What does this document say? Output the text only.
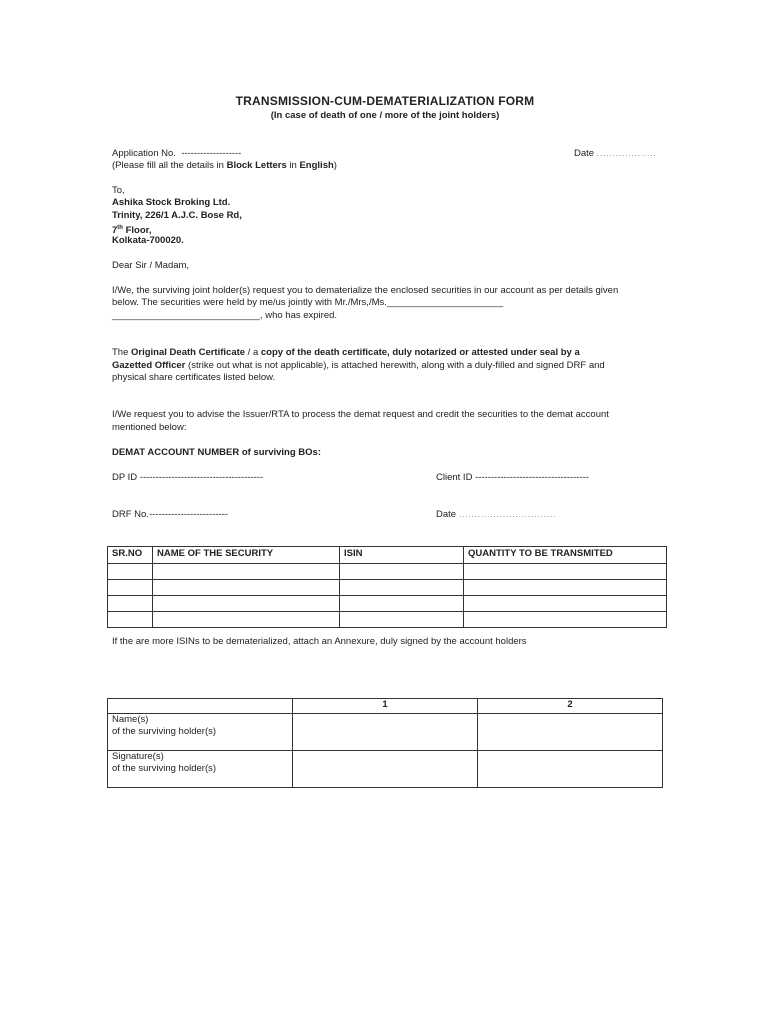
TRANSMISSION-CUM-DEMATERIALIZATION FORM
(In case of death of one / more of the joint holders)
Application No. -------------------	Date ...................
(Please fill all the details in Block Letters in English)
To,
Ashika Stock Broking Ltd.
Trinity, 226/1 A.J.C. Bose Rd,
7th Floor,
Kolkata-700020.
Dear Sir / Madam,
I/We, the surviving joint holder(s) request you to dematerialize the enclosed securities in our account as per details given
below. The securities were held by me/us jointly with Mr./Mrs,/Ms.______________________
____________________________, who has expired.
The Original Death Certificate / a copy of the death certificate, duly notarized or attested under seal by a
Gazetted Officer (strike out what is not applicable), is attached herewith, along with a duly-filled and signed DRF and
physical share certificates listed below.
I/We request you to advise the Issuer/RTA to process the demat request and credit the securities to the demat account
mentioned below:
DEMAT ACCOUNT NUMBER of surviving BOs:
DP ID ---------------------------------------	Client ID ------------------------------------
DRF No.-------------------------	Date ...............................
SR.NO	NAME OF THE SECURITY	ISIN	QUANTITY TO BE TRANSMITED

If the are more ISINs to be dematerialized, attach an Annexure, duly signed by the account holders
	1	2

Name(s)
of the surviving holder(s)		

Signature(s)
of the surviving holder(s)		
